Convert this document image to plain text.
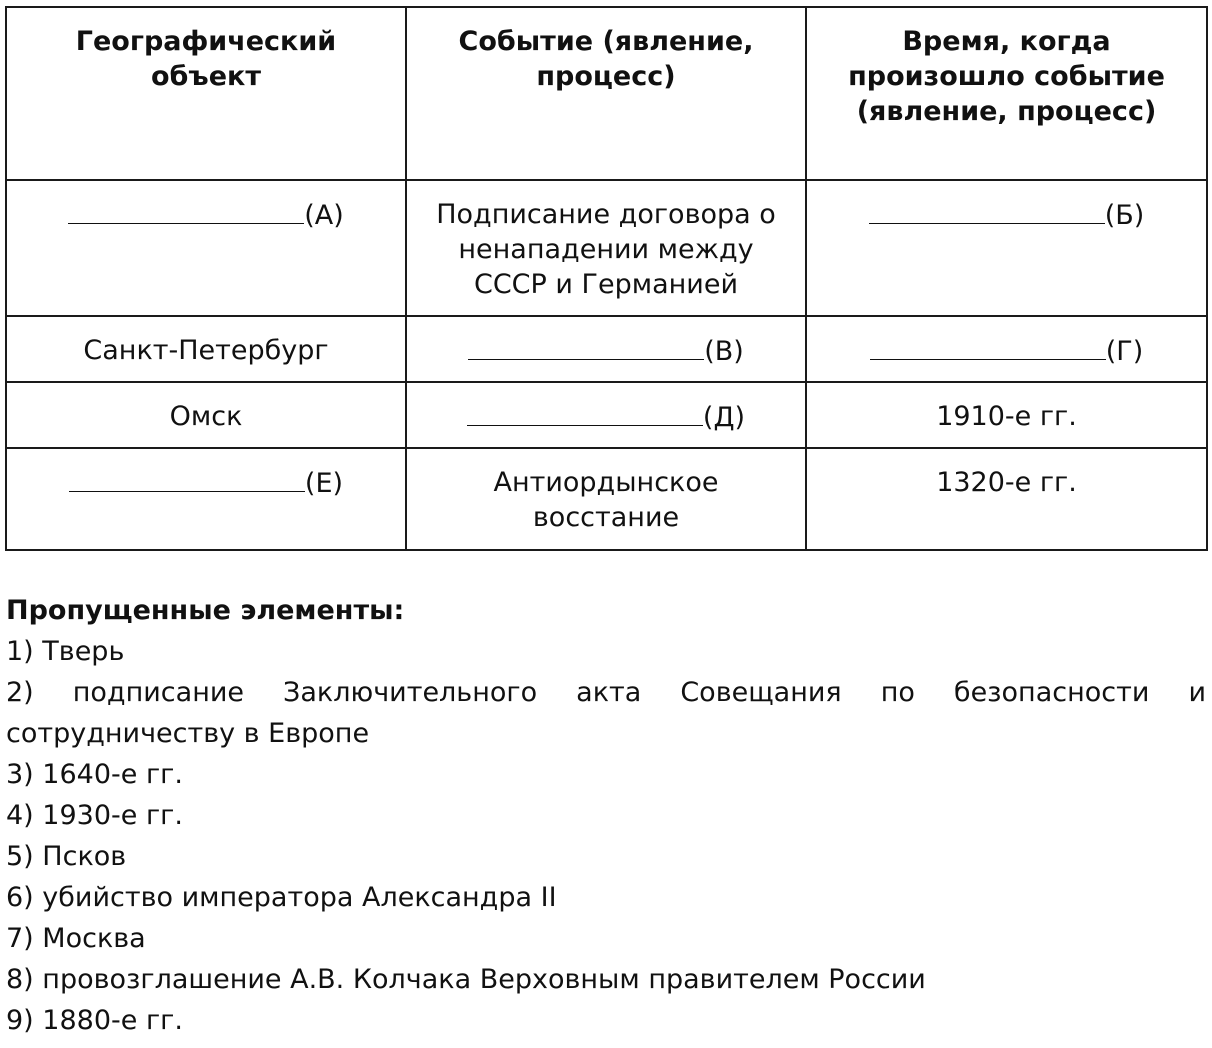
Географический объект	Событие (явление, процесс)	Время, когда произошло событие (явление, процесс)
(А)	Подписание договора о ненападении между СССР и Германией	(Б)
Санкт-Петербург	(В)	(Г)
Омск	(Д)	1910-е гг.
(Е)	Антиордынское восстание	1320-е гг.
Пропущенные элементы:
1) Тверь
2) подписание Заключительного акта Совещания по безопасности и сотрудничеству в Европе
3) 1640-е гг.
4) 1930-е гг.
5) Псков
6) убийство императора Александра II
7) Москва
8) провозглашение А.В. Колчака Верховным правителем России
9) 1880-е гг.
